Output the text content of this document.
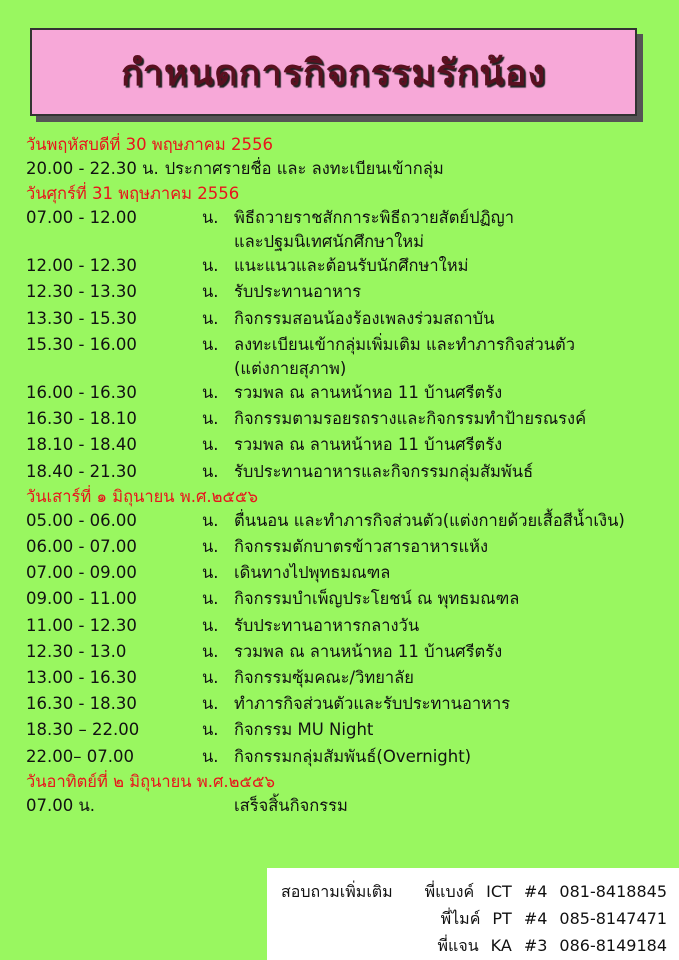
กำหนดการกิจกรรมรักน้อง
วันพฤหัสบดีที่ 30 พฤษภาคม 2556
20.00 - 22.30 น. ประกาศรายชื่อ และ ลงทะเบียนเข้ากลุ่ม
วันศุกร์ที่ 31 พฤษภาคม 2556
07.00 - 12.00	น. พิธีถวายราชสักการะพิธีถวายสัตย์ปฏิญา
และปฐมนิเทศนักศึกษาใหม่
12.00 - 12.30	น. แนะแนวและต้อนรับนักศึกษาใหม่
12.30 - 13.30	น. รับประทานอาหาร
13.30 - 15.30	น. กิจกรรมสอนน้องร้องเพลงร่วมสถาบัน
15.30 - 16.00	น. ลงทะเบียนเข้ากลุ่มเพิ่มเติม และทำภารกิจส่วนตัว
(แต่งกายสุภาพ)
16.00 - 16.30	น. รวมพล ณ ลานหน้าหอ 11 บ้านศรีตรัง
16.30 - 18.10	น. กิจกรรมตามรอยรถรางและกิจกรรมทำป้ายรณรงค์
18.10 - 18.40	น. รวมพล ณ ลานหน้าหอ 11 บ้านศรีตรัง
18.40 - 21.30	น. รับประทานอาหารและกิจกรรมกลุ่มสัมพันธ์
วันเสาร์ที่ ๑ มิถุนายน พ.ศ.๒๕๕๖
05.00 - 06.00	น. ตื่นนอน และทำภารกิจส่วนตัว(แต่งกายด้วยเสื้อสีน้ำเงิน)
06.00 - 07.00	น. กิจกรรมตักบาตรข้าวสารอาหารแห้ง
07.00 - 09.00	น. เดินทางไปพุทธมณฑล
09.00 - 11.00	น. กิจกรรมบำเพ็ญประโยชน์ ณ พุทธมณฑล
11.00 - 12.30	น. รับประทานอาหารกลางวัน
12.30 - 13.0	น. รวมพล ณ ลานหน้าหอ 11 บ้านศรีตรัง
13.00 - 16.30	น. กิจกรรมซุ้มคณะ/วิทยาลัย
16.30 - 18.30	น. ทำภารกิจส่วนตัวและรับประทานอาหาร
18.30 – 22.00	น. กิจกรรม MU Night
22.00– 07.00	น. กิจกรรมกลุ่มสัมพันธ์(Overnight)
วันอาทิตย์ที่ ๒ มิถุนายน พ.ศ.๒๕๕๖
07.00 น.	เสร็จสิ้นกิจกรรม
สอบถามเพิ่มเติม พี่แบงค์ ICT #4 081-8418845
พี่ไมค์ PT #4 085-8147471
พี่แจน KA #3 086-8149184
